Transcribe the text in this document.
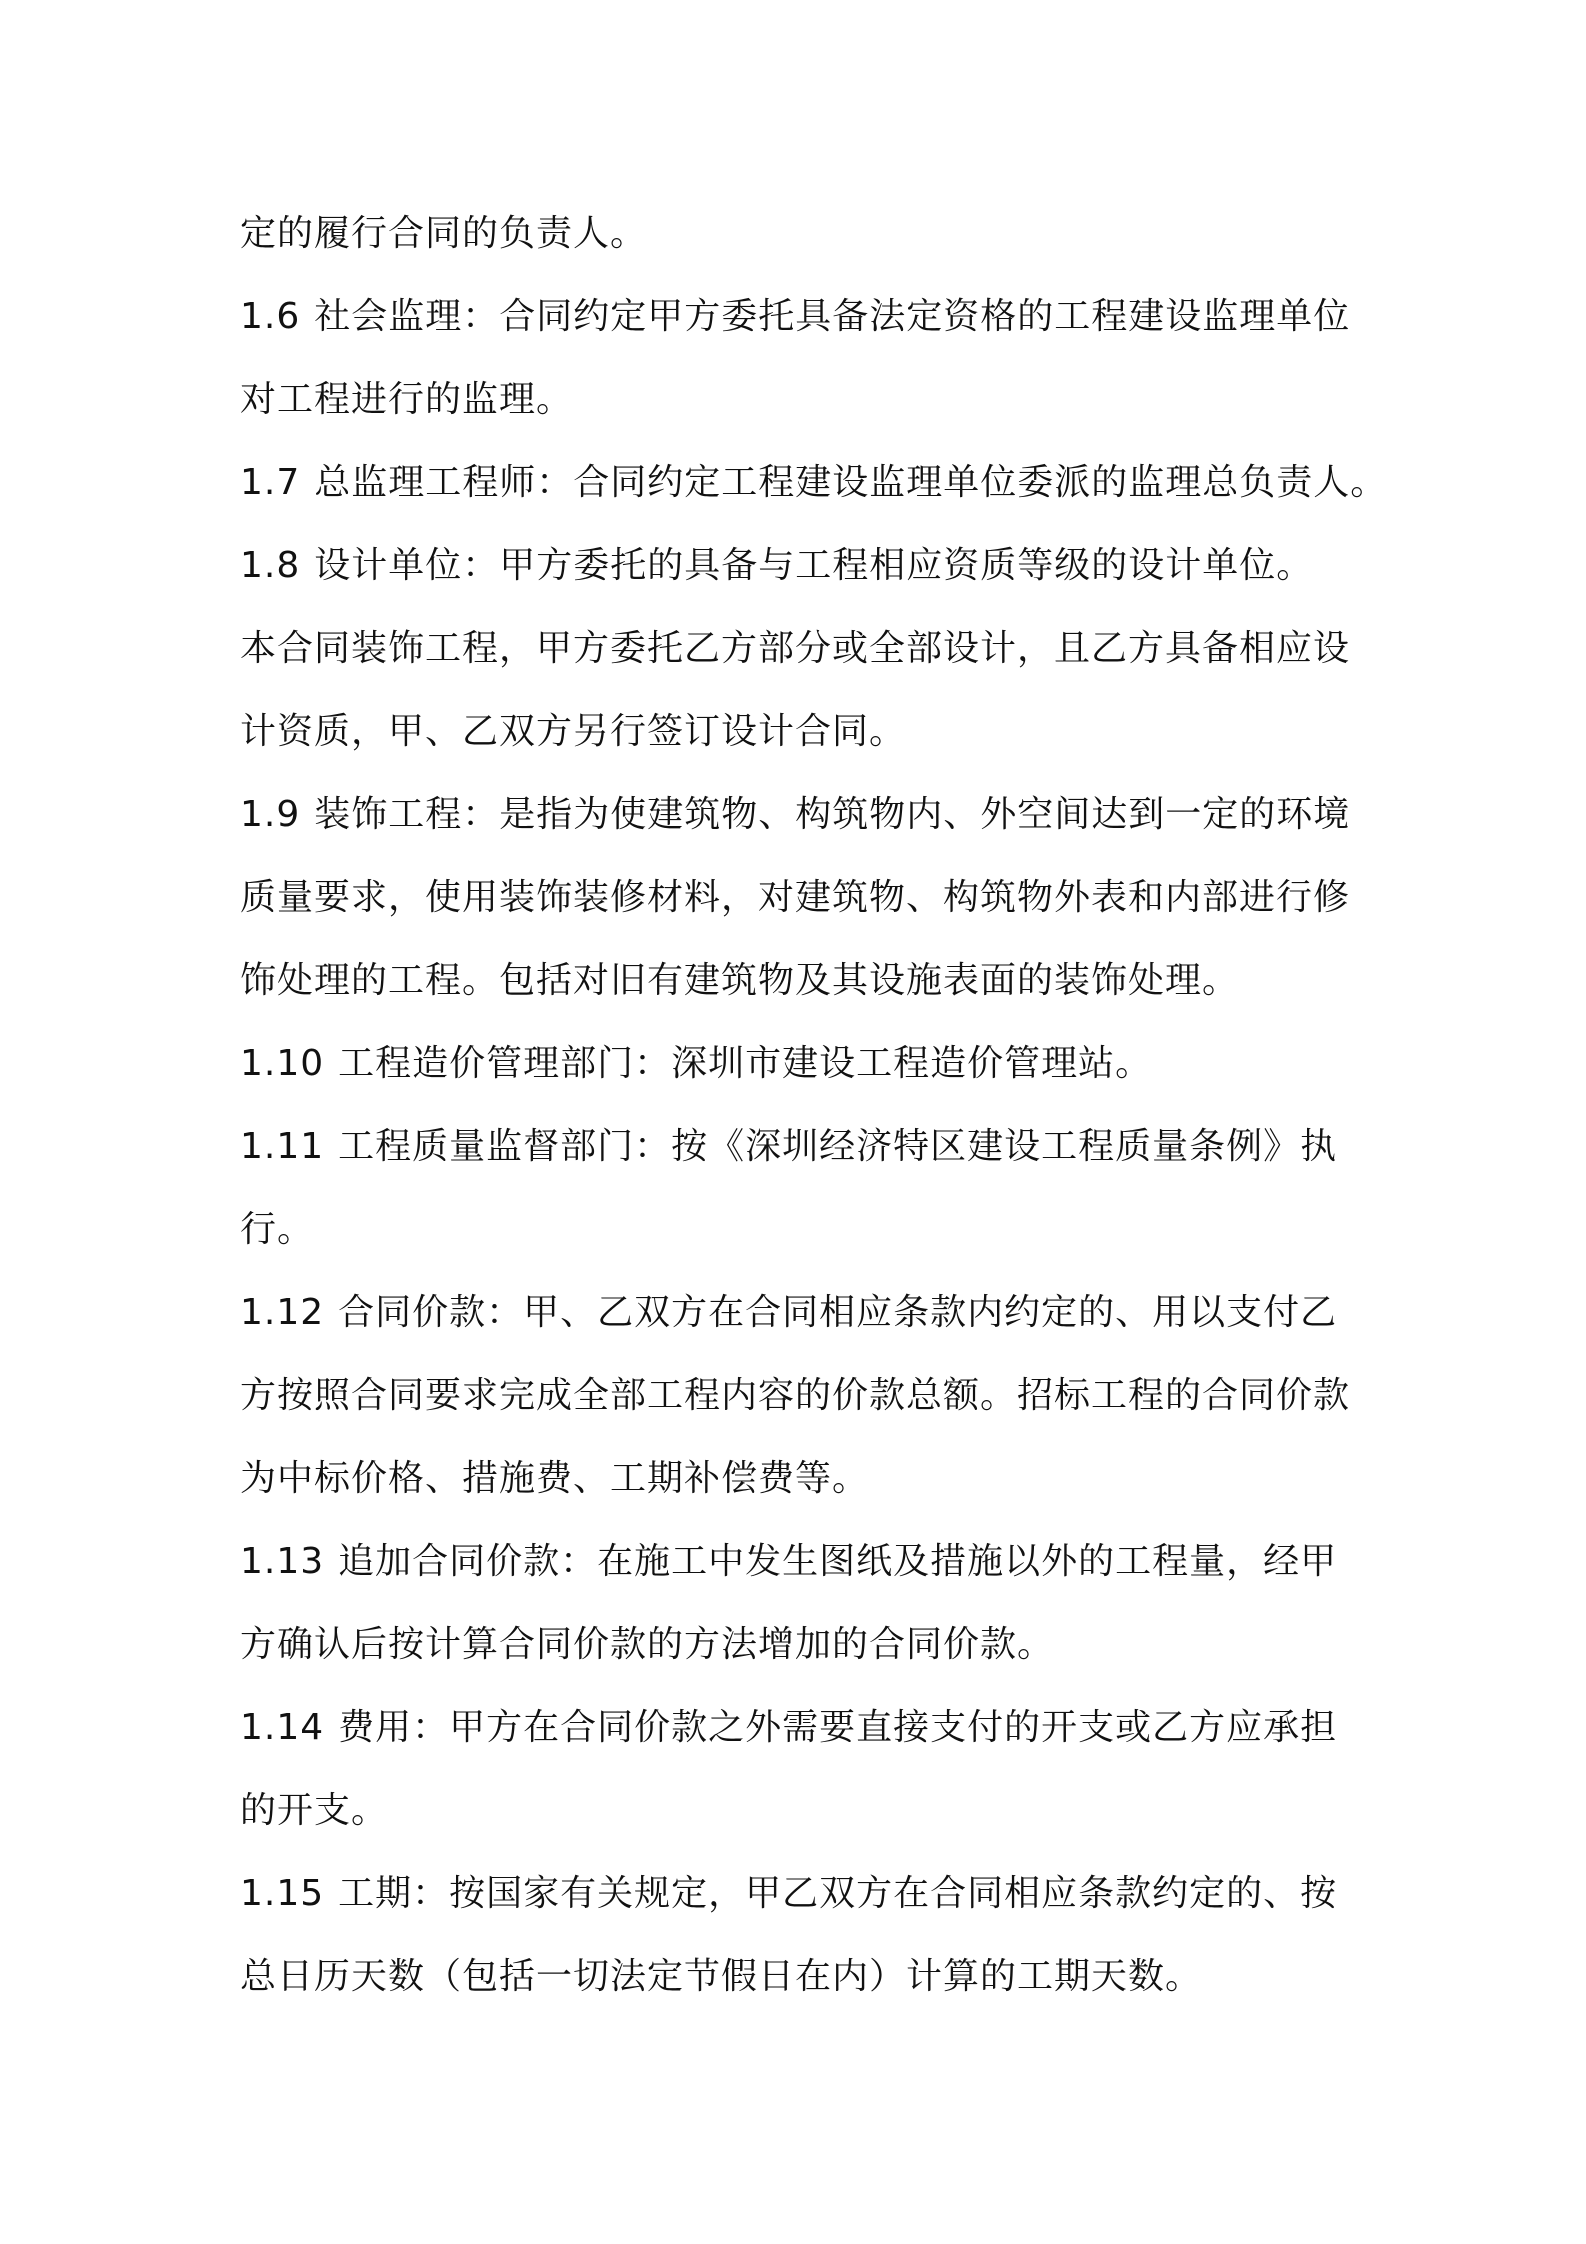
定的履行合同的负责人。
1.6 社会监理：合同约定甲方委托具备法定资格的工程建设监理单位
对工程进行的监理。
1.7 总监理工程师：合同约定工程建设监理单位委派的监理总负责人。
1.8 设计单位：甲方委托的具备与工程相应资质等级的设计单位。
本合同装饰工程，甲方委托乙方部分或全部设计，且乙方具备相应设
计资质，甲、乙双方另行签订设计合同。
1.9 装饰工程：是指为使建筑物、构筑物内、外空间达到一定的环境
质量要求，使用装饰装修材料，对建筑物、构筑物外表和内部进行修
饰处理的工程。包括对旧有建筑物及其设施表面的装饰处理。
1.10 工程造价管理部门：深圳市建设工程造价管理站。
1.11 工程质量监督部门：按《深圳经济特区建设工程质量条例》执
行。
1.12 合同价款：甲、乙双方在合同相应条款内约定的、用以支付乙
方按照合同要求完成全部工程内容的价款总额。招标工程的合同价款
为中标价格、措施费、工期补偿费等。
1.13 追加合同价款：在施工中发生图纸及措施以外的工程量，经甲
方确认后按计算合同价款的方法增加的合同价款。
1.14 费用：甲方在合同价款之外需要直接支付的开支或乙方应承担
的开支。
1.15 工期：按国家有关规定，甲乙双方在合同相应条款约定的、按
总日历天数（包括一切法定节假日在内）计算的工期天数。
